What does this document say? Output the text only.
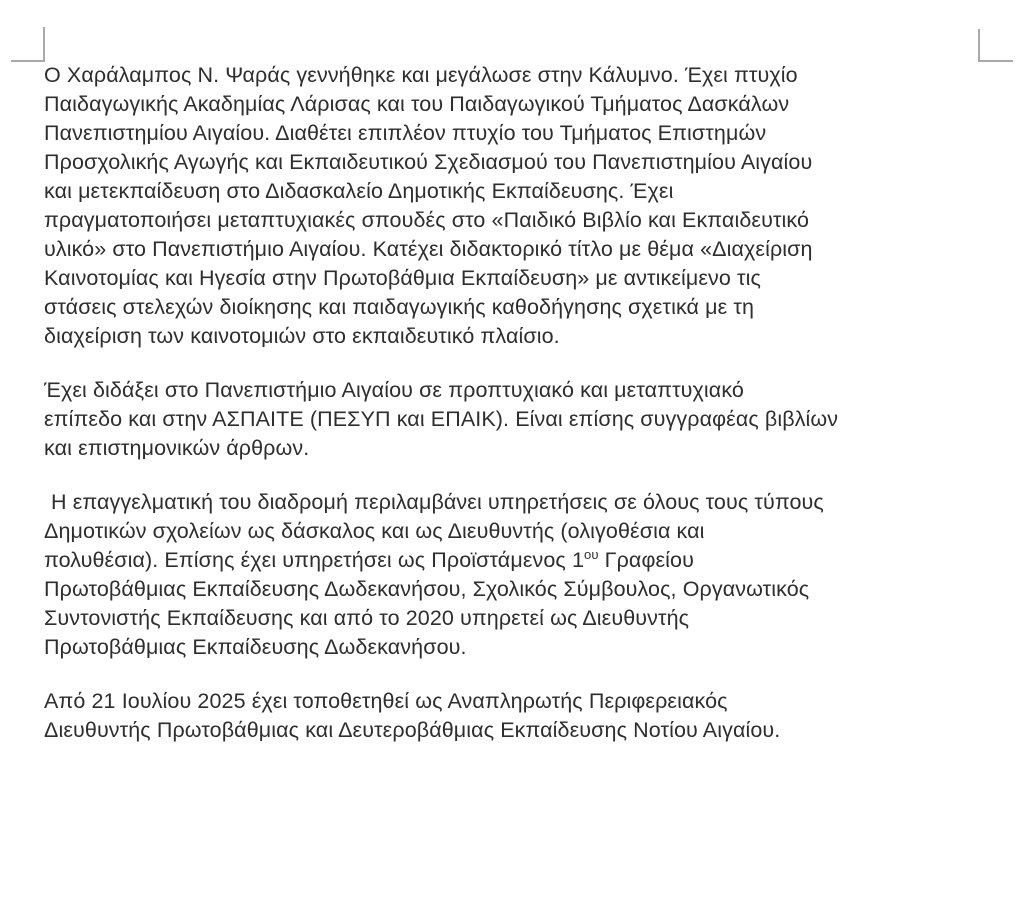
Ο Χαράλαμπος Ν. Ψαράς γεννήθηκε και μεγάλωσε στην Κάλυμνο. Έχει πτυχίο
Παιδαγωγικής Ακαδημίας Λάρισας και του Παιδαγωγικού Τμήματος Δασκάλων
Πανεπιστημίου Αιγαίου. Διαθέτει επιπλέον πτυχίο του Τμήματος Επιστημών
Προσχολικής Αγωγής και Εκπαιδευτικού Σχεδιασμού του Πανεπιστημίου Αιγαίου
και μετεκπαίδευση στο Διδασκαλείο Δημοτικής Εκπαίδευσης. Έχει
πραγματοποιήσει μεταπτυχιακές σπουδές στο «Παιδικό Βιβλίο και Εκπαιδευτικό
υλικό» στο Πανεπιστήμιο Αιγαίου. Κατέχει διδακτορικό τίτλο με θέμα «Διαχείριση
Καινοτομίας και Ηγεσία στην Πρωτοβάθμια Εκπαίδευση» με αντικείμενο τις
στάσεις στελεχών διοίκησης και παιδαγωγικής καθοδήγησης σχετικά με τη
διαχείριση των καινοτομιών στο εκπαιδευτικό πλαίσιο.
Έχει διδάξει στο Πανεπιστήμιο Αιγαίου σε προπτυχιακό και μεταπτυχιακό
επίπεδο και στην ΑΣΠΑΙΤΕ (ΠΕΣΥΠ και ΕΠΑΙΚ). Είναι επίσης συγγραφέας βιβλίων
και επιστημονικών άρθρων.
Η επαγγελματική του διαδρομή περιλαμβάνει υπηρετήσεις σε όλους τους τύπους
Δημοτικών σχολείων ως δάσκαλος και ως Διευθυντής (ολιγοθέσια και
πολυθέσια). Επίσης έχει υπηρετήσει ως Προϊστάμενος $1^{o\upsilon}$ Γραφείου
Πρωτοβάθμιας Εκπαίδευσης Δωδεκανήσου, Σχολικός Σύμβουλος, Οργανωτικός
Συντονιστής Εκπαίδευσης και από το 2020 υπηρετεί ως Διευθυντής
Πρωτοβάθμιας Εκπαίδευσης Δωδεκανήσου.
Από 21 Ιουλίου 2025 έχει τοποθετηθεί ως Αναπληρωτής Περιφερειακός
Διευθυντής Πρωτοβάθμιας και Δευτεροβάθμιας Εκπαίδευσης Νοτίου Αιγαίου.
